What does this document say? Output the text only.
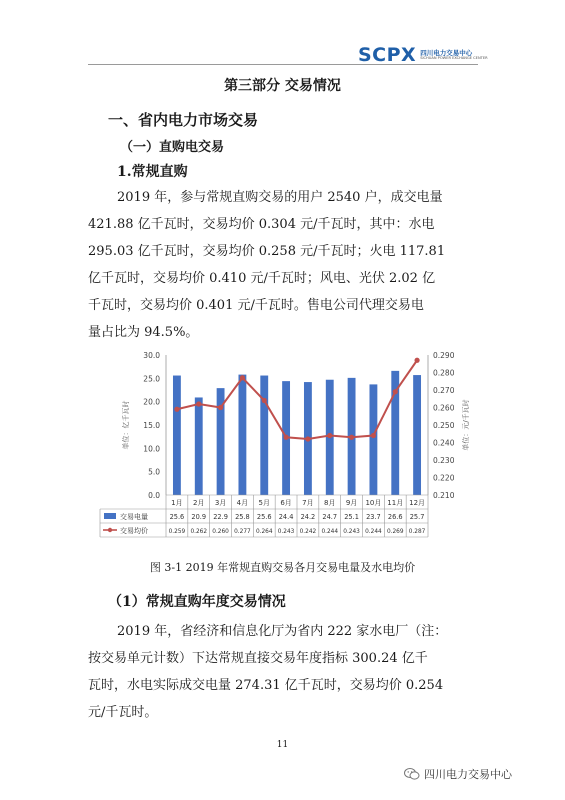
SCPX 四川电力交易中心
SICHUAN POWER EXCHANGE CENTER
第三部分 交易情况
一、省内电力市场交易
（一）直购电交易
1.常规直购
2019 年，参与常规直购交易的用户 2540 户，成交电量
421.88 亿千瓦时，交易均价 0.304 元/千瓦时，其中：水电
295.03 亿千瓦时，交易均价 0.258 元/千瓦时；火电 117.81
亿千瓦时，交易均价 0.410 元/千瓦时；风电、光伏 2.02 亿
千瓦时，交易均价 0.401 元/千瓦时。售电公司代理交易电
量占比为 94.5%。
0.0
5.0
10.0
15.0
20.0
25.0
30.0
0.210
0.220
0.230
0.240
0.250
0.260
0.270
0.280
0.290
单位：亿千瓦时	单位：元/千瓦时
1月 2月 3月 4月 5月 6月 7月 8月 9月 10月 11月 12月
交易电量
交易均价
25.6 20.9 22.9 25.8 25.6 24.4 24.2 24.7 25.1 23.7 26.6 25.7
0.259 0.262 0.260 0.277 0.264 0.243 0.242 0.244 0.243 0.244 0.269 0.287
图 3-1 2019 年常规直购交易各月交易电量及水电均价
（1）常规直购年度交易情况
2019 年，省经济和信息化厅为省内 222 家水电厂（注：
按交易单元计数）下达常规直接交易年度指标 300.24 亿千
瓦时，水电实际成交电量 274.31 亿千瓦时，交易均价 0.254
元/千瓦时。
11
四川电力交易中心
